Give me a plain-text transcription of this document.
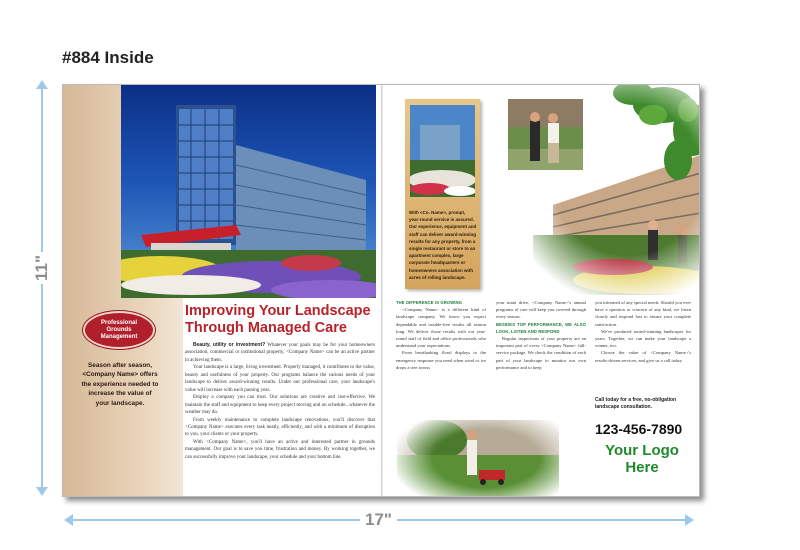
#884 Inside
11"
17"
Professional
Grounds
Management
Season after season, <Company Name> offers the experience needed to increase the value of your landscape.
Improving Your Landscape
Through Managed Care

Beauty, utility or investment? Whatever your goals may be for your homeowners association, commercial or institutional property, <Company Name> can be an active partner in achieving them.

Your landscape is a large, living investment. Properly managed, it contributes to the value, beauty and usefulness of your property. Our programs balance the various needs of your landscape to deliver award-winning results. Under our professional care, your landscape's value will increase with each passing year.

Employ a company you can trust. Our solutions are creative and cost-effective. We maintain the staff and equipment to keep every project moving and on schedule...whatever the weather may do.

From weekly maintenance to complete landscape renovations, you'll discover that <Company Name> executes every task neatly, efficiently, and with a minimum of disruption to you, your clients or your property.

With <Company Name>, you'll have an active and interested partner in grounds management. Our goal is to save you time, frustration and money. By working together, we can successfully improve your landscape, your schedule and your bottom line.

With <Co. Name>, prompt, year-round service is assured. Our experience, equipment and staff can deliver award-winning results for any property, from a single restaurant or store to an apartment complex, large corporate headquarters or homeowners association with acres of rolling landscape.

THE DIFFERENCE IS GROWING

<Company Name> is a different kind of landscape company. We know you expect dependable and trouble-free results all season long. We deliver those results with our year-round staff of field and office professionals who understand your expectations.

From breathtaking floral displays to the emergency response you need when wind or ice drops a tree across

your main drive, <Company Name>'s annual programs of care will keep you covered through every season.

BESIDES TOP PERFORMANCE, WE ALSO LOOK, LISTEN AND RESPOND

Regular inspections of your property are an important part of every <Company Name> full-service package. We check the condition of each part of your landscape to monitor our own performance and to keep

you informed of any special needs. Should you ever have a question or concern of any kind, we listen closely and respond fast to ensure your complete satisfaction.

We've produced award-winning landscapes for years. Together, we can make your landscape a winner, too.

Choose the value of <Company Name>'s results-driven services, and give us a call today.

Call today for a free, no-obligation landscape consultation.
123-456-7890
Your Logo
Here
